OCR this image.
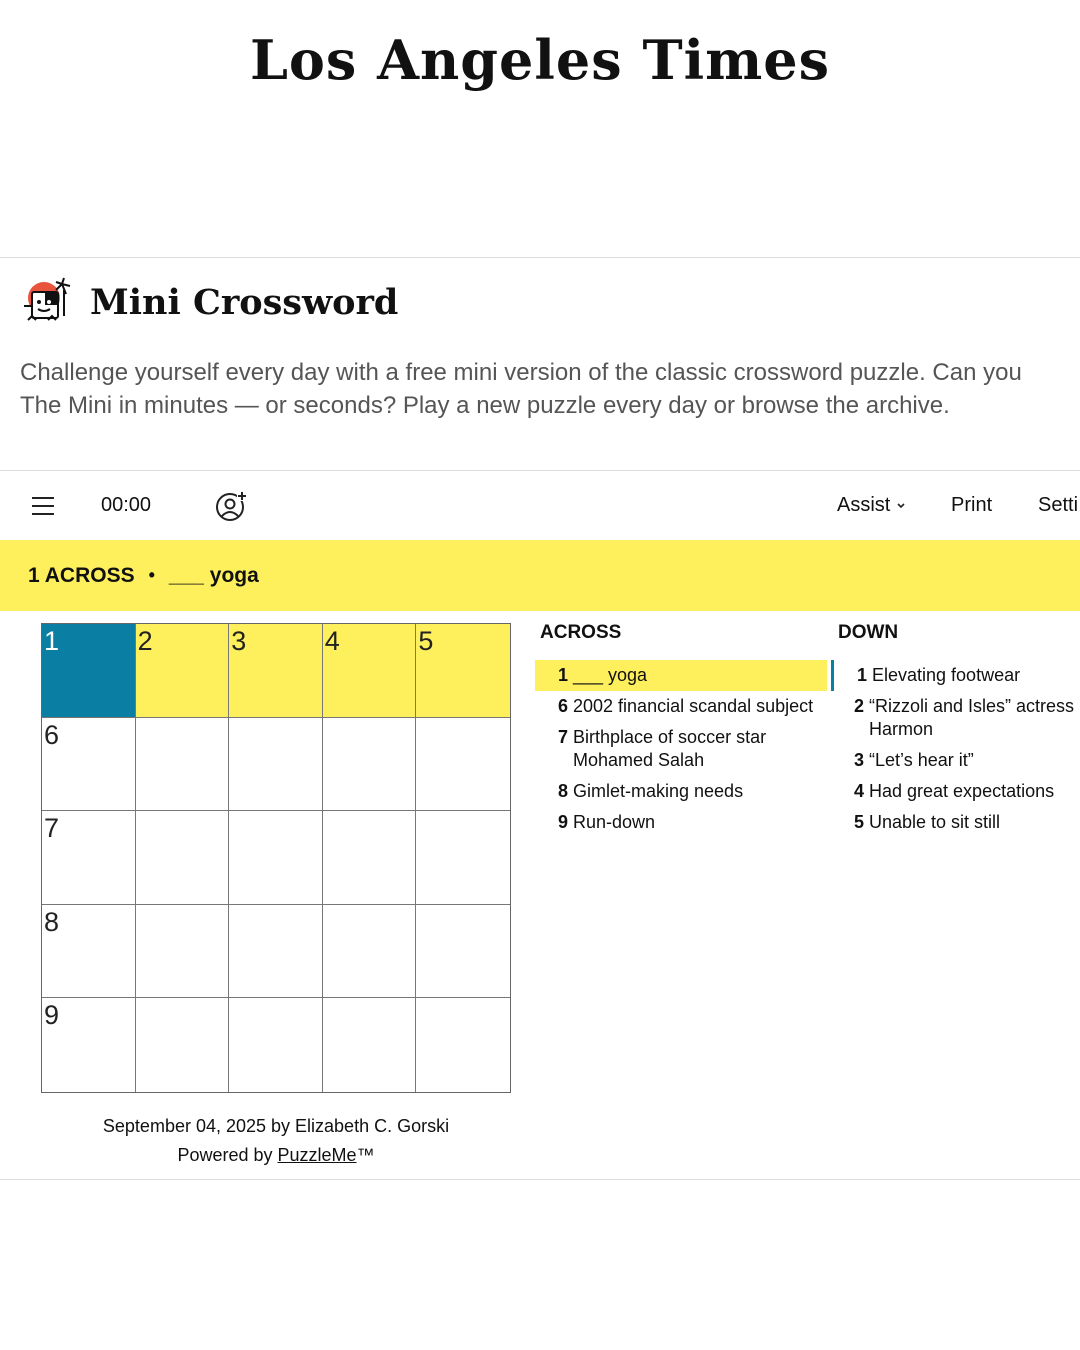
Los Angeles Times
Mini Crossword
Challenge yourself every day with a free mini version of the classic crossword puzzle. Can you
The Mini in minutes — or seconds? Play a new puzzle every day or browse the archive.
00:00	Assist	Print Setti
1 ACROSS • ___ yoga
1	2	3	4	5
6
7
8
9
September 04, 2025 by Elizabeth C. Gorski
Powered by PuzzleMe™
ACROSS	DOWN
1 ___ yoga
6 2002 financial scandal subject
7 Birthplace of soccer star Mohamed Salah
8 Gimlet-making needs
9 Run-down
1 Elevating footwear
2 “Rizzoli and Isles” actress Harmon
3 “Let’s hear it”
4 Had great expectations
5 Unable to sit still
